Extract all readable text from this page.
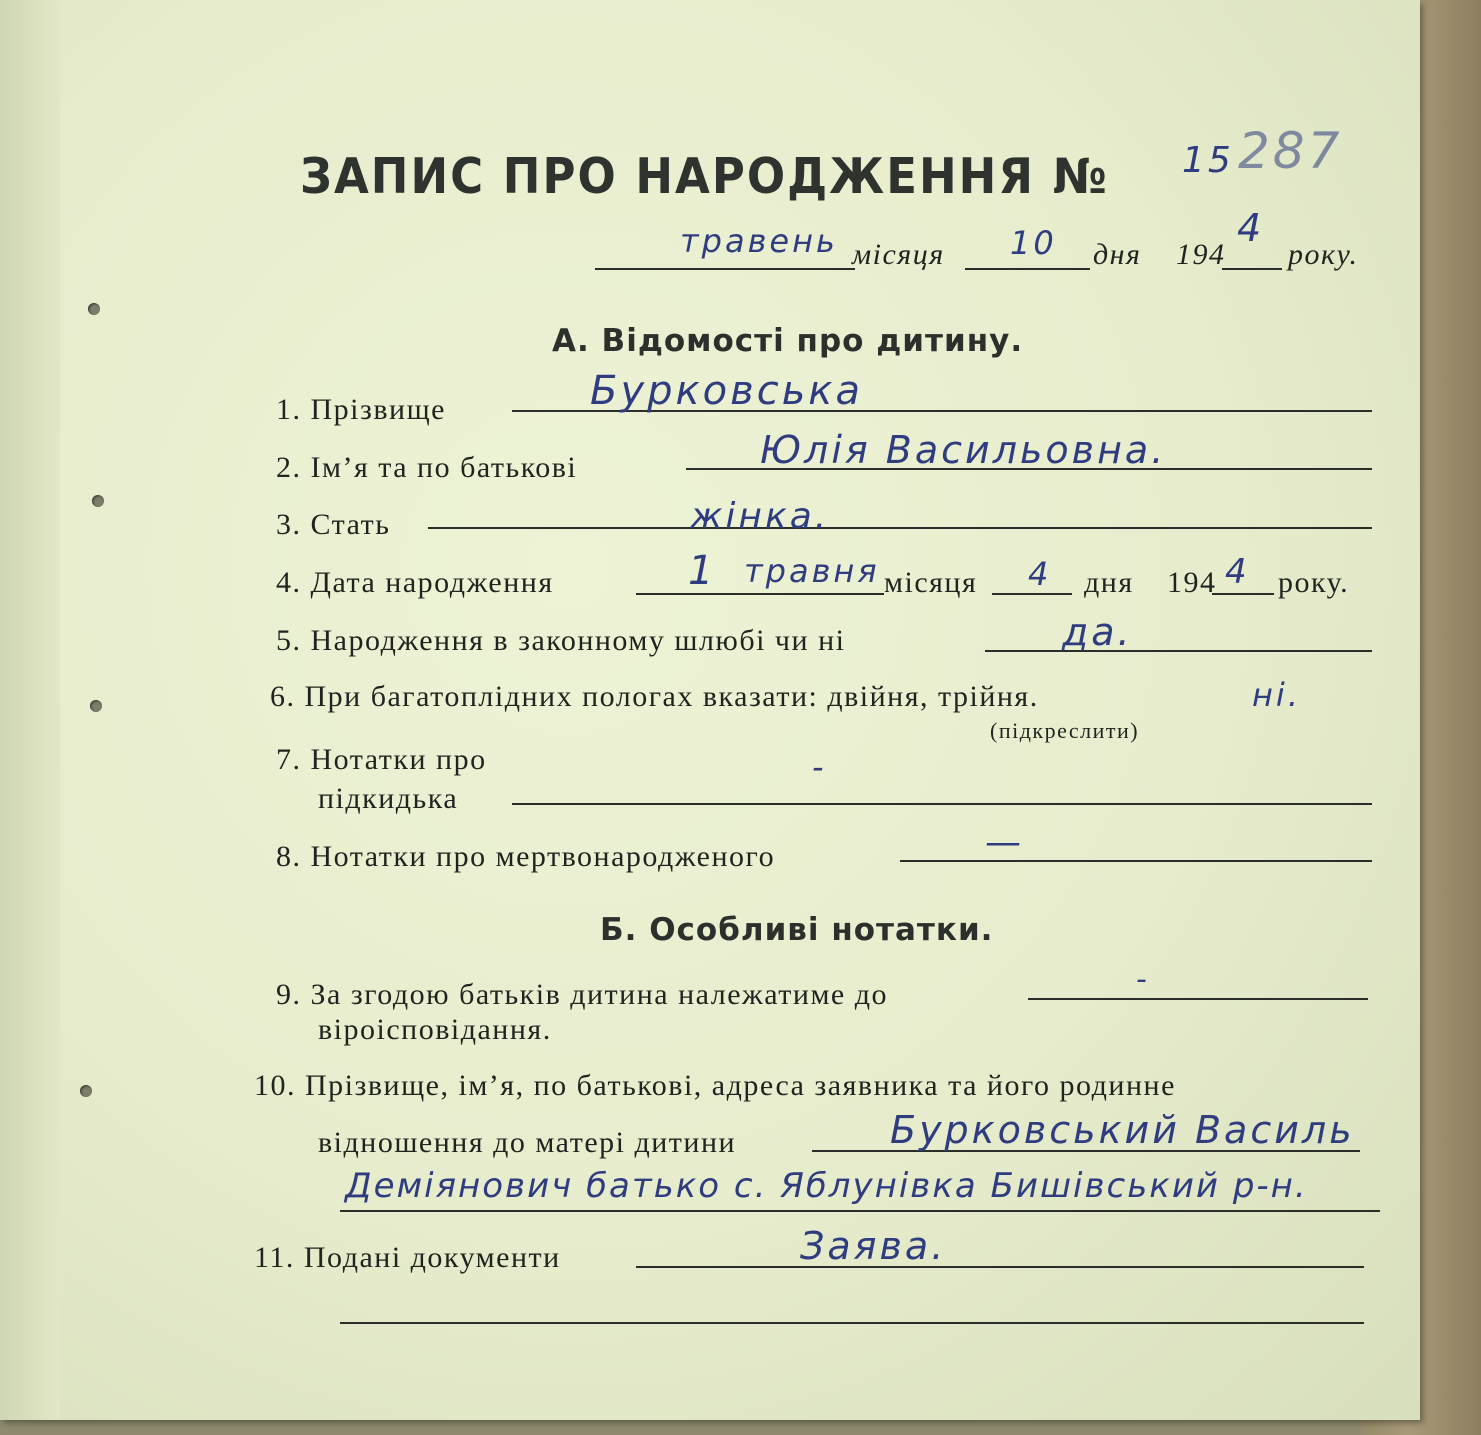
ЗАПИС ПРО НАРОДЖЕННЯ № 15 287
травень місяця 10 дня 194
4
року.
А. Відомості про дитину.
1. Прізвище	Бурковська
2. Ім’я та по батькові	Юлія Васильовна.
3. Стать	жінка.
4. Дата народження	1 травня місяця 4 дня 194 4 року.
5. Народження в законному шлюбі чи ні	да.
6. При багатоплідних пологах вказати: двійня, трійня.
(підкреслити)
ні.
7. Нотатки про
підкидька
-
8. Нотатки про мертвонародженого	—
Б. Особливі нотатки.
9. За згодою батьків дитина належатиме до
віроісповідання.
-
10. Прізвище, ім’я, по батькові, адреса заявника та його родинне
відношення до матері дитини	Бурковський Василь
Деміянович батько с. Яблунівка Бишівський р-н.
11. Подані документи	Заява.
